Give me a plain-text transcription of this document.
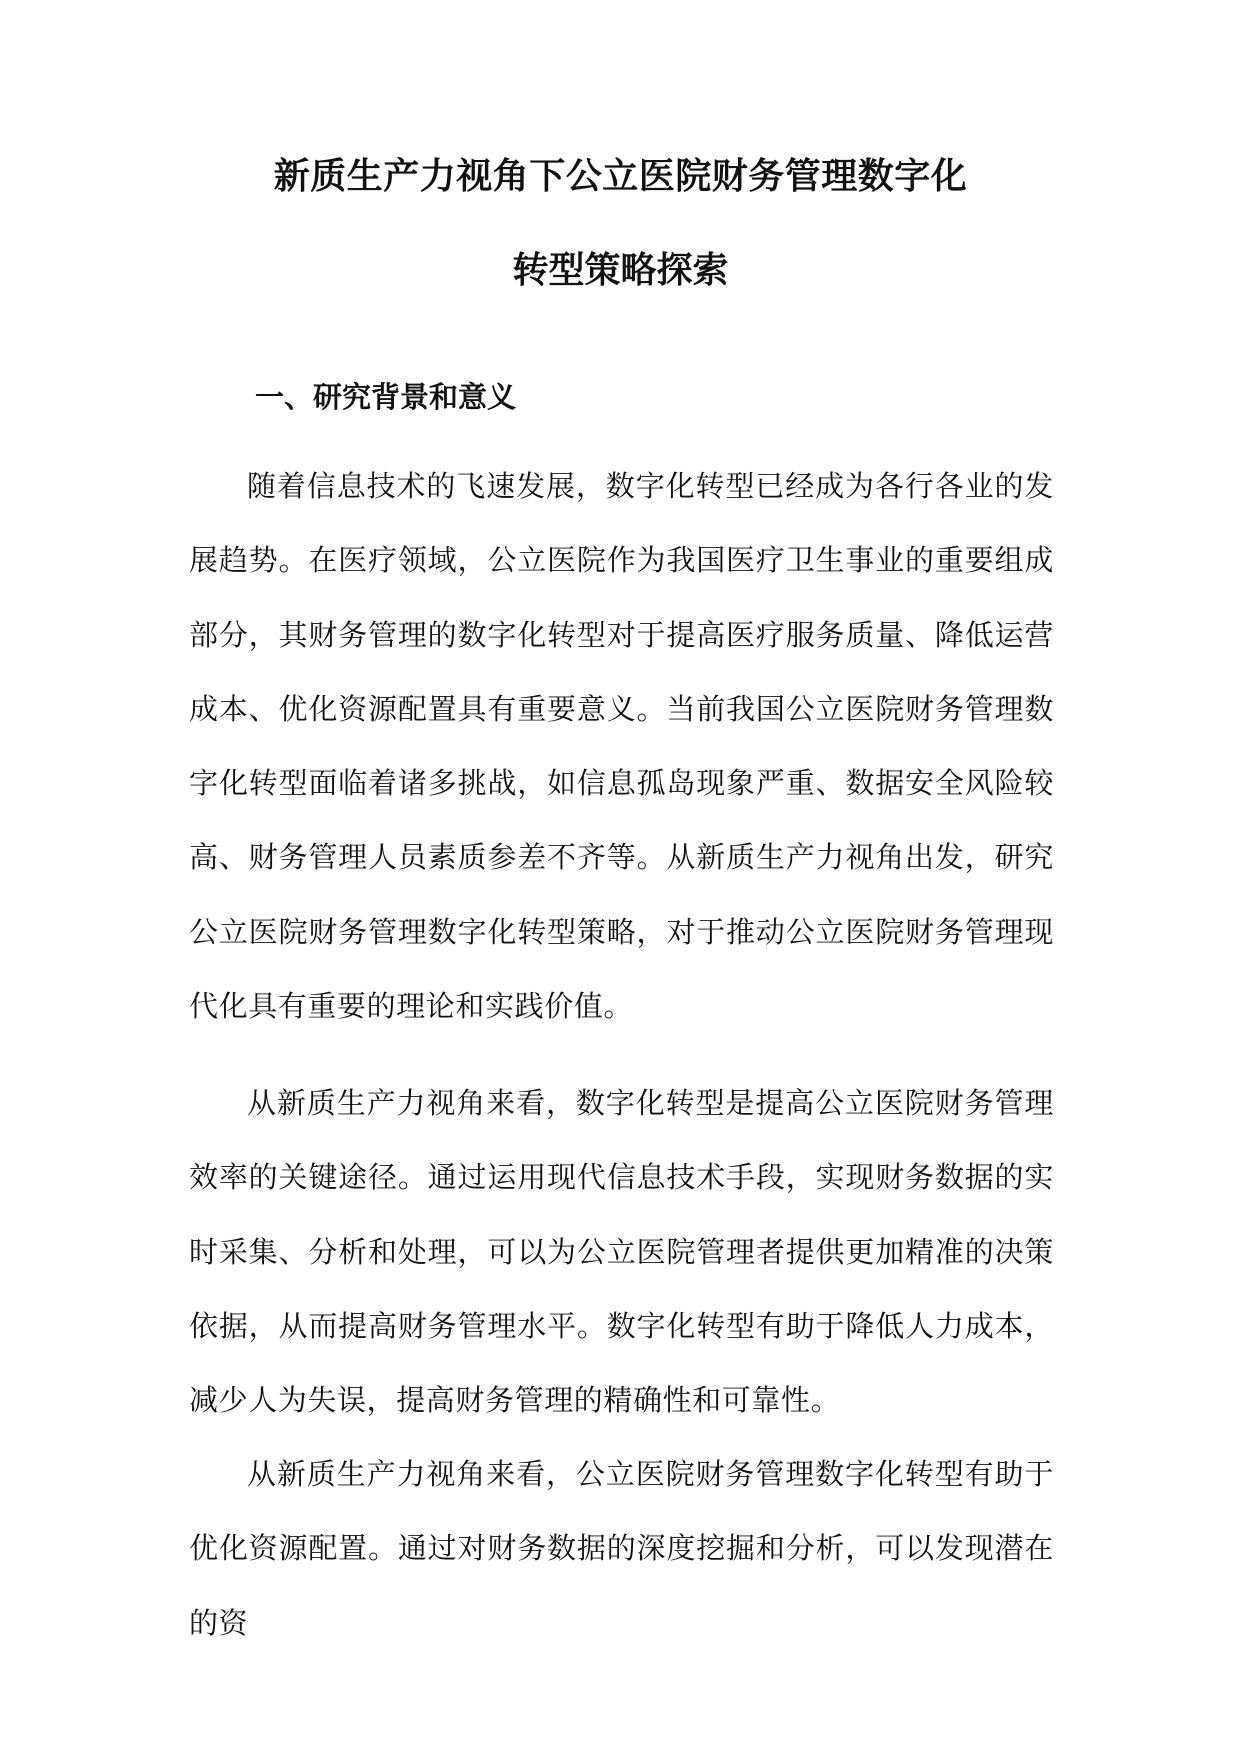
新质生产力视角下公立医院财务管理数字化
转型策略探索
一、研究背景和意义

随着信息技术的飞速发展，数字化转型已经成为各行各业的发展趋势。在医疗领域，公立医院作为我国医疗卫生事业的重要组成部分，其财务管理的数字化转型对于提高医疗服务质量、降低运营成本、优化资源配置具有重要意义。当前我国公立医院财务管理数字化转型面临着诸多挑战，如信息孤岛现象严重、数据安全风险较高、财务管理人员素质参差不齐等。从新质生产力视角出发，研究公立医院财务管理数字化转型策略，对于推动公立医院财务管理现代化具有重要的理论和实践价值。

从新质生产力视角来看，数字化转型是提高公立医院财务管理效率的关键途径。通过运用现代信息技术手段，实现财务数据的实时采集、分析和处理，可以为公立医院管理者提供更加精准的决策依据，从而提高财务管理水平。数字化转型有助于降低人力成本，减少人为失误，提高财务管理的精确性和可靠性。

从新质生产力视角来看，公立医院财务管理数字化转型有助于优化资源配置。通过对财务数据的深度挖掘和分析，可以发现潜在的资
